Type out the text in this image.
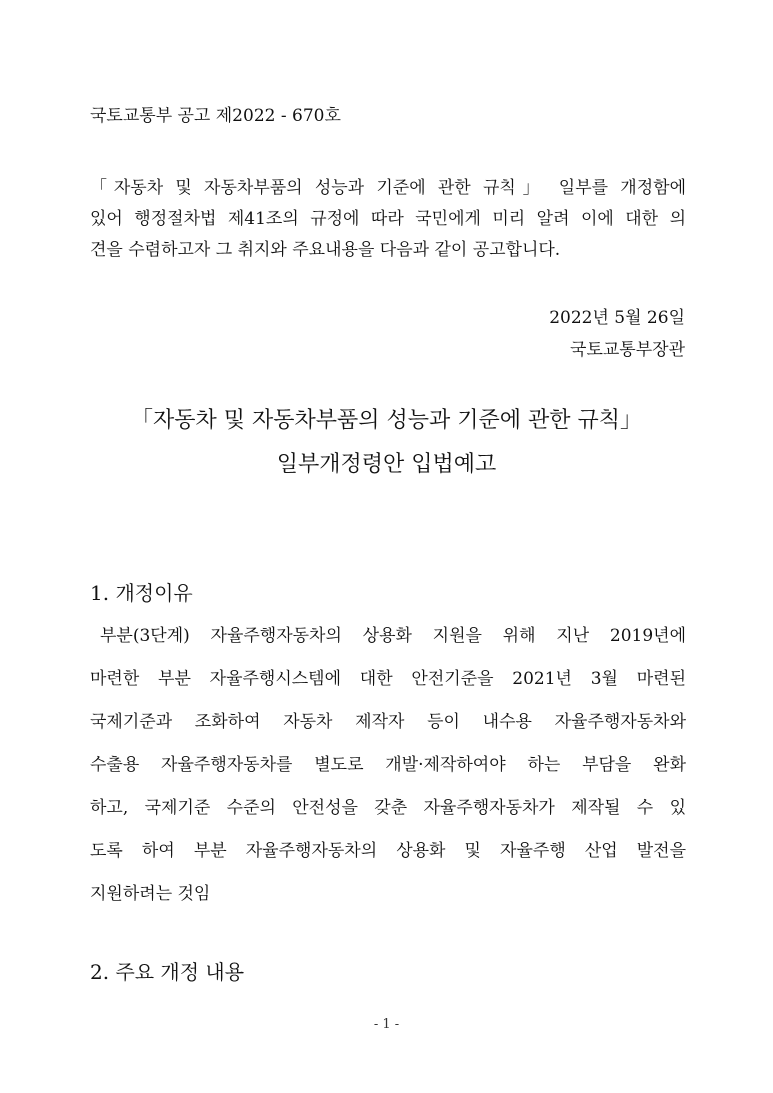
국토교통부 공고 제2022 - 670호
「자동차 및 자동차부품의 성능과 기준에 관한 규칙」 일부를 개정함에
있어 행정절차법 제41조의 규정에 따라 국민에게 미리 알려 이에 대한 의
견을 수렴하고자 그 취지와 주요내용을 다음과 같이 공고합니다.
2022년 5월 26일
국토교통부장관
「자동차 및 자동차부품의 성능과 기준에 관한 규칙」
일부개정령안 입법예고
1. 개정이유
부분(3단계) 자율주행자동차의 상용화 지원을 위해 지난 2019년에
마련한 부분 자율주행시스템에 대한 안전기준을 2021년 3월 마련된
국제기준과 조화하여 자동차 제작자 등이 내수용 자율주행자동차와
수출용 자율주행자동차를 별도로 개발·제작하여야 하는 부담을 완화
하고, 국제기준 수준의 안전성을 갖춘 자율주행자동차가 제작될 수 있
도록 하여 부분 자율주행자동차의 상용화 및 자율주행 산업 발전을
지원하려는 것임
2. 주요 개정 내용
- 1 -
